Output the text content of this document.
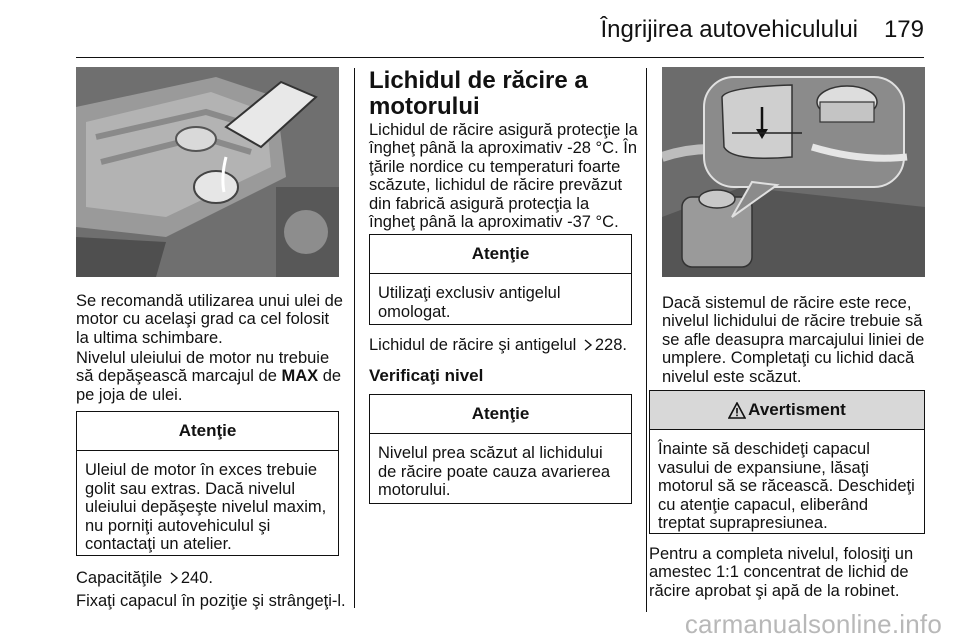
Îngrijirea autovehiculului 179

Se recomandă utilizarea unui ulei de motor cu acelaşi grad ca cel folosit la ultima schimbare.

Nivelul uleiului de motor nu trebuie să depăşească marcajul de MAX de pe joja de ulei.

Atenţie
Uleiul de motor în exces trebuie golit sau extras. Dacă nivelul uleiului depăşeşte nivelul maxim, nu porniţi autovehiculul şi contactaţi un atelier.

Capacităţile 240.

Fixaţi capacul în poziţie şi strângeţi-l.

Lichidul de răcire a motorului

Lichidul de răcire asigură protecţie la îngheţ până la aproximativ -28 °C. În ţările nordice cu temperaturi foarte scăzute, lichidul de răcire prevăzut din fabrică asigură protecţia la îngheţ până la aproximativ -37 °C.

Atenţie
Utilizaţi exclusiv antigelul omologat.

Lichidul de răcire şi antigelul 228.

Verificaţi nivel
Atenţie
Nivelul prea scăzut al lichidului de răcire poate cauza avarierea motorului.

Dacă sistemul de răcire este rece, nivelul lichidului de răcire trebuie să se afle deasupra marcajului liniei de umplere. Completaţi cu lichid dacă nivelul este scăzut.

Avertisment
Înainte să deschideţi capacul vasului de expansiune, lăsaţi motorul să se răcească. Deschideţi cu atenţie capacul, eliberând treptat suprapresiunea.

Pentru a completa nivelul, folosiţi un amestec 1:1 concentrat de lichid de răcire aprobat şi apă de la robinet.

carmanualsonline.info
